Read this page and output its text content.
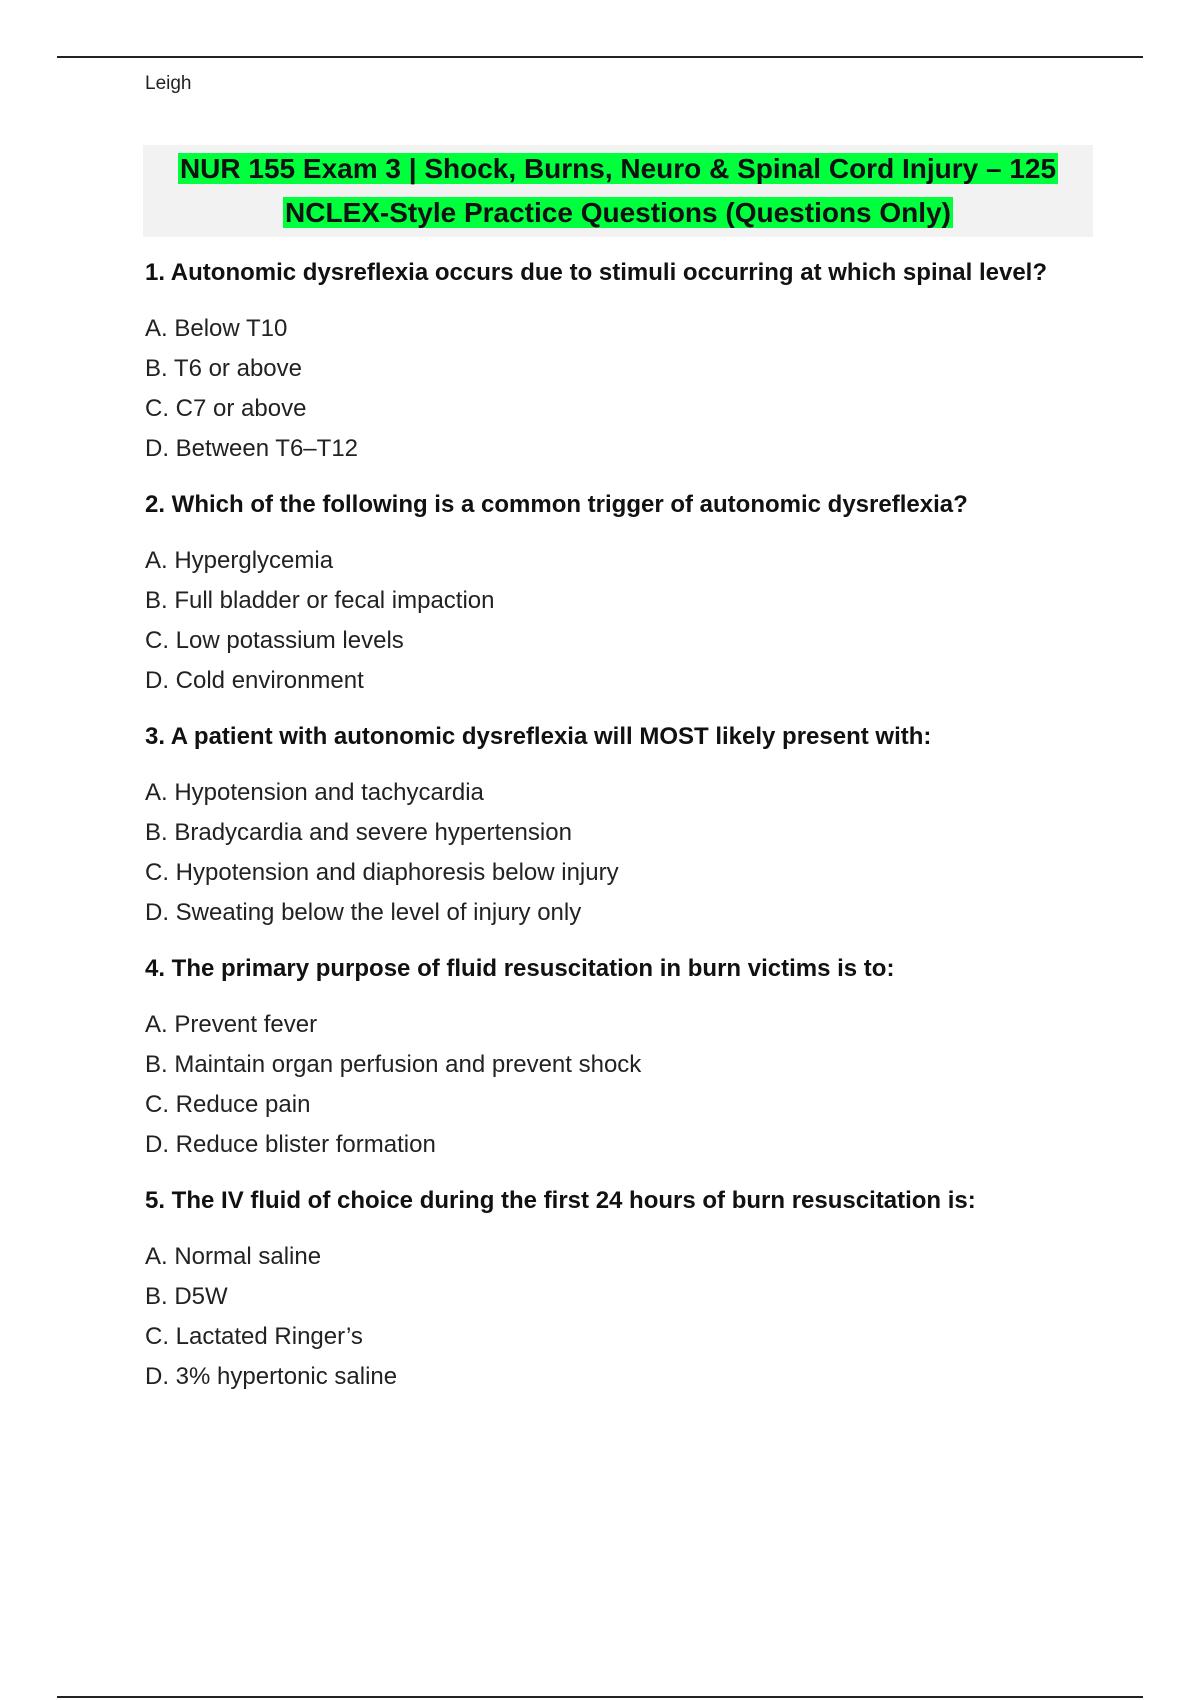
Leigh
NUR 155 Exam 3 | Shock, Burns, Neuro & Spinal Cord Injury – 125
NCLEX-Style Practice Questions (Questions Only)

1. Autonomic dysreflexia occurs due to stimuli occurring at which spinal level?

A. Below T10

B. T6 or above

C. C7 or above

D. Between T6–T12

2. Which of the following is a common trigger of autonomic dysreflexia?

A. Hyperglycemia

B. Full bladder or fecal impaction

C. Low potassium levels

D. Cold environment

3. A patient with autonomic dysreflexia will MOST likely present with:

A. Hypotension and tachycardia

B. Bradycardia and severe hypertension

C. Hypotension and diaphoresis below injury

D. Sweating below the level of injury only

4. The primary purpose of fluid resuscitation in burn victims is to:

A. Prevent fever

B. Maintain organ perfusion and prevent shock

C. Reduce pain

D. Reduce blister formation

5. The IV fluid of choice during the first 24 hours of burn resuscitation is:

A. Normal saline

B. D5W

C. Lactated Ringer’s

D. 3% hypertonic saline
